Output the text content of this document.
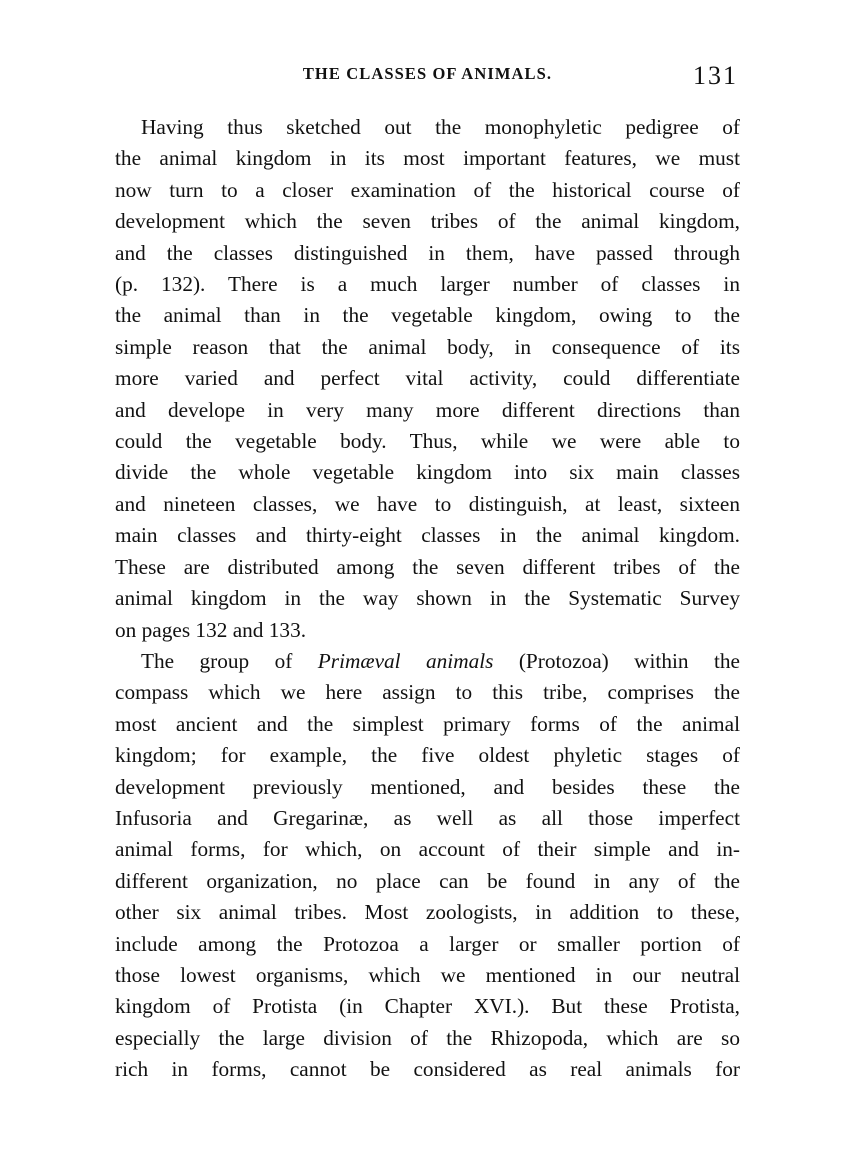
THE CLASSES OF ANIMALS.	131

Having thus sketched out the monophyletic pedigree of
the animal kingdom in its most important features, we must
now turn to a closer examination of the historical course of
development which the seven tribes of the animal kingdom,
and the classes distinguished in them, have passed through
(p. 132). There is a much larger number of classes in
the animal than in the vegetable kingdom, owing to the
simple reason that the animal body, in consequence of its
more varied and perfect vital activity, could differentiate
and develope in very many more different directions than
could the vegetable body. Thus, while we were able to
divide the whole vegetable kingdom into six main classes
and nineteen classes, we have to distinguish, at least, sixteen
main classes and thirty-eight classes in the animal kingdom.
These are distributed among the seven different tribes of the
animal kingdom in the way shown in the Systematic Survey
on pages 132 and 133.

The group of Primæval animals (Protozoa) within the
compass which we here assign to this tribe, comprises the
most ancient and the simplest primary forms of the animal
kingdom; for example, the five oldest phyletic stages of
development previously mentioned, and besides these the
Infusoria and Gregarinæ, as well as all those imperfect
animal forms, for which, on account of their simple and in-
different organization, no place can be found in any of the
other six animal tribes. Most zoologists, in addition to these,
include among the Protozoa a larger or smaller portion of
those lowest organisms, which we mentioned in our neutral
kingdom of Protista (in Chapter XVI.). But these Protista,
especially the large division of the Rhizopoda, which are so
rich in forms, cannot be considered as real animals for
